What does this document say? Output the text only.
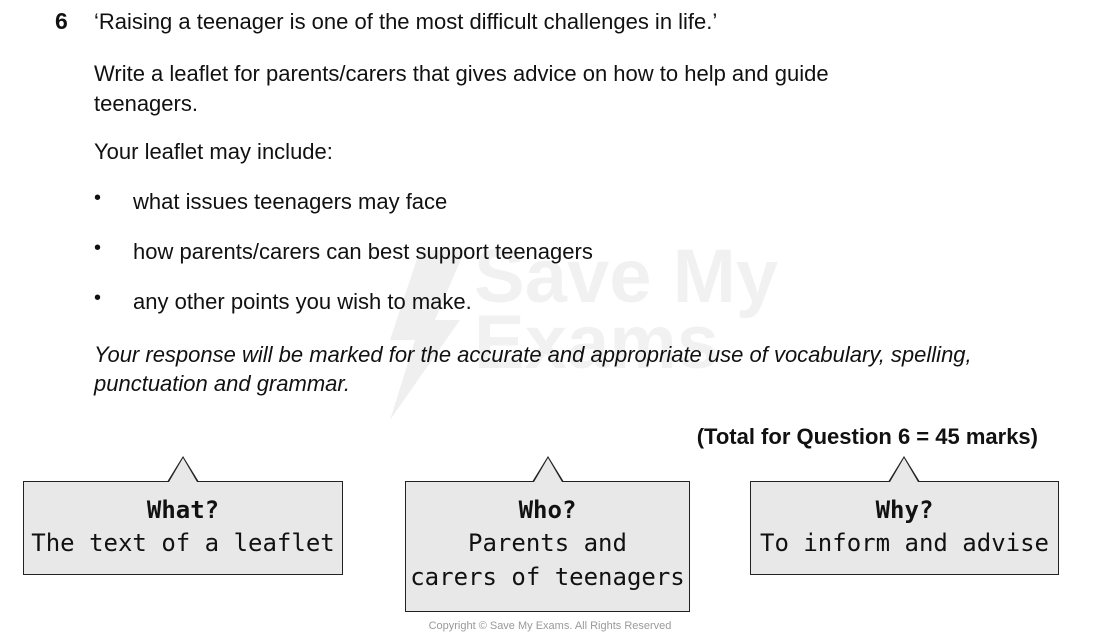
Save My
Exams
6 ‘Raising a teenager is one of the most difficult challenges in life.’
Write a leaflet for parents/carers that gives advice on how to help and guide teenagers.
Your leaflet may include:
• what issues teenagers may face
• how parents/carers can best support teenagers
• any other points you wish to make.
Your response will be marked for the accurate and appropriate use of vocabulary, spelling, punctuation and grammar.
(Total for Question 6 = 45 marks)
What?
The text of a leaflet
Who?
Parents and
carers of teenagers
Why?
To inform and advise
Copyright © Save My Exams. All Rights Reserved
